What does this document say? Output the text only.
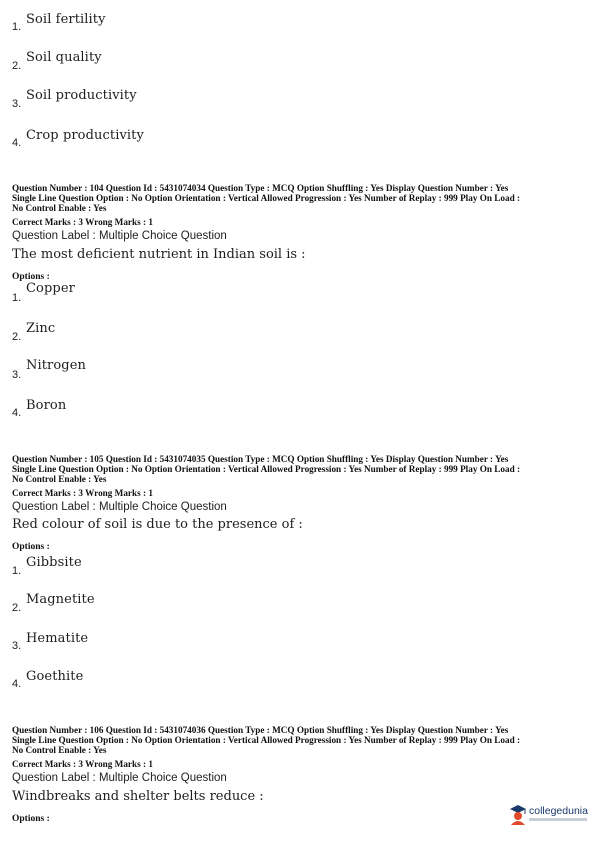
1. Soil fertility
2.
Soil quality
3.
Soil productivity
4. Crop productivity
Question Number : 104 Question Id : 5431074034 Question Type : MCQ Option Shuffling : Yes Display Question Number : Yes
Single Line Question Option : No Option Orientation : Vertical Allowed Progression : Yes Number of Replay : 999 Play On Load :
No Control Enable : Yes
Correct Marks : 3 Wrong Marks : 1
Question Label : Multiple Choice Question
The most deficient nutrient in Indian soil is :
Options :
1.
Copper
2.
Zinc
3.
Nitrogen
4. Boron
Question Number : 105 Question Id : 5431074035 Question Type : MCQ Option Shuffling : Yes Display Question Number : Yes
Single Line Question Option : No Option Orientation : Vertical Allowed Progression : Yes Number of Replay : 999 Play On Load :
No Control Enable : Yes
Correct Marks : 3 Wrong Marks : 1
Question Label : Multiple Choice Question
Red colour of soil is due to the presence of :
Options :
1.
Gibbsite
2.
Magnetite
3. Hematite
4. Goethite
Question Number : 106 Question Id : 5431074036 Question Type : MCQ Option Shuffling : Yes Display Question Number : Yes
Single Line Question Option : No Option Orientation : Vertical Allowed Progression : Yes Number of Replay : 999 Play On Load :
No Control Enable : Yes
Correct Marks : 3 Wrong Marks : 1
Question Label : Multiple Choice Question
Windbreaks and shelter belts reduce :
Options :
collegedunia
